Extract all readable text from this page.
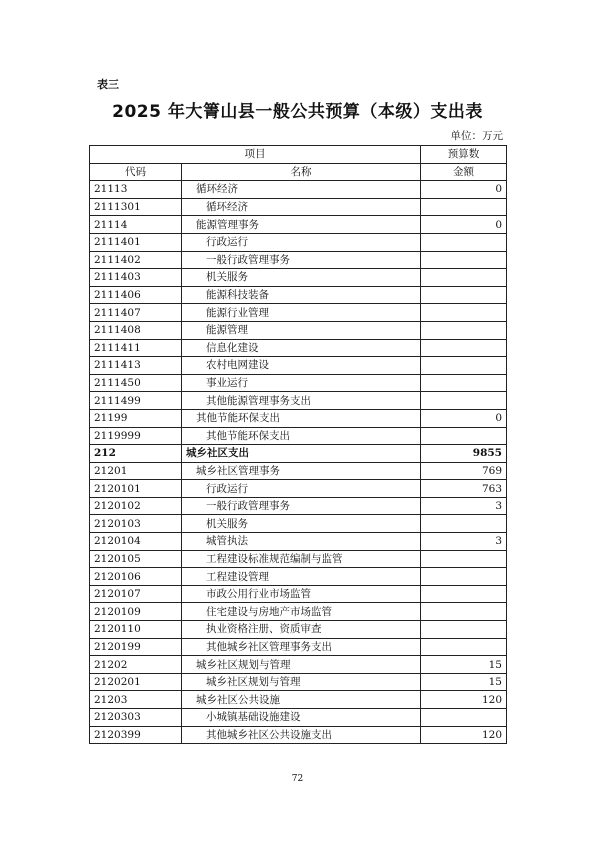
表三
2025 年大箐山县一般公共预算（本级）支出表
单位：万元
项目		预算数
代码	名称	金额
21113	循环经济	0
2111301	循环经济	
21114	能源管理事务	0
2111401	行政运行	
2111402	一般行政管理事务	
2111403	机关服务	
2111406	能源科技装备	
2111407	能源行业管理	
2111408	能源管理	
2111411	信息化建设	
2111413	农村电网建设	
2111450	事业运行	
2111499	其他能源管理事务支出	
21199	其他节能环保支出	0
2119999	其他节能环保支出	
212	城乡社区支出	9855
21201	城乡社区管理事务	769
2120101	行政运行	763
2120102	一般行政管理事务	3
2120103	机关服务	
2120104	城管执法	3
2120105	工程建设标准规范编制与监管	
2120106	工程建设管理	
2120107	市政公用行业市场监管	
2120109	住宅建设与房地产市场监管	
2120110	执业资格注册、资质审查	
2120199	其他城乡社区管理事务支出	
21202	城乡社区规划与管理	15
2120201	城乡社区规划与管理	15
21203	城乡社区公共设施	120
2120303	小城镇基础设施建设	
2120399	其他城乡社区公共设施支出	120
72
